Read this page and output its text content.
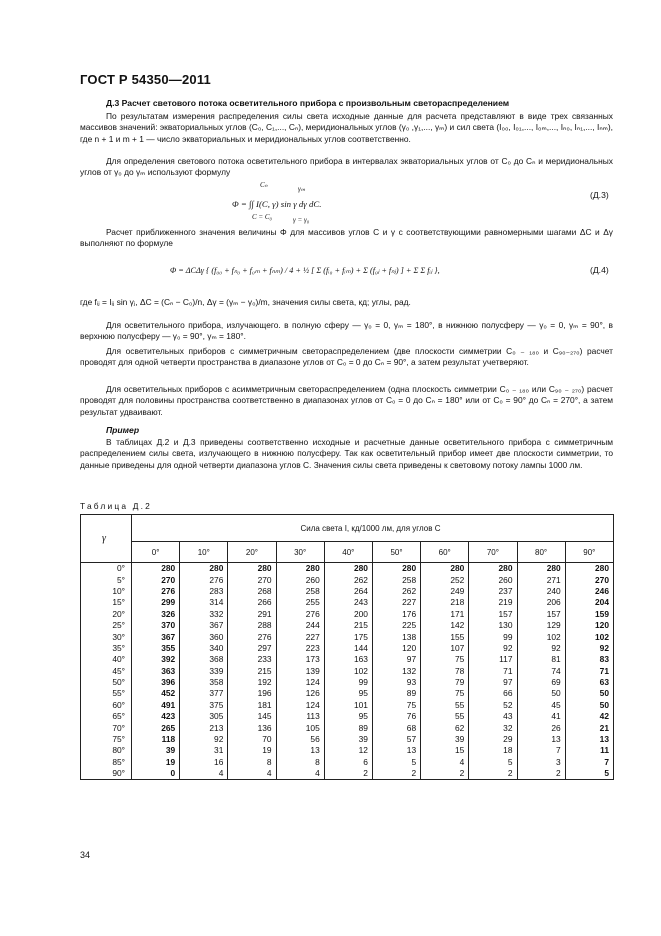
ГОСТ Р 54350—2011
Д.3 Расчет светового потока осветительного прибора с произвольным светораспределением
По результатам измерения распределения силы света исходные данные для расчета представляют в виде трех связанных массивов значений: экваториальных углов (C₀, C₁,..., Cₙ), меридиональных углов (γ₀ ,γ₁,..., γₘ) и сил света (I₀₀, I₀₁,..., I₀ₘ,..., Iₙ₀, Iₙ₁,..., Iₙₘ), где n + 1 и m + 1 — число экваториальных и меридиональных углов соответственно.
Для определения светового потока осветительного прибора в интервалах экваториальных углов от C₀ до Cₙ и меридиональных углов от γ₀ до γₘ используют формулу
Cₙ	γₘ
Φ = ∫∫ I(C, γ) sin γ dγ dC.
C = C₀	γ = γ₀
(Д.3)
Расчет приближенного значения величины Φ для массивов углов C и γ с соответствующими равномерными шагами ΔC и Δγ выполняют по формуле
Φ = ΔCΔγ { (f₀₀ + fₙ₀ + f₀ₘ + fₙₘ) / 4 + ½ [ Σ (fᵢ₀ + fᵢₘ) + Σ (f₀ⱼ + fₙⱼ) ] + Σ Σ fᵢⱼ },	(Д.4)
где fᵢⱼ = Iᵢⱼ sin γⱼ, ΔC = (Cₙ − C₀)/n, Δγ = (γₘ − γ₀)/m, значения силы света, кд; углы, рад.
Для осветительного прибора, излучающего. в полную сферу — γ₀ = 0, γₘ = 180°, в нижнюю полусферу — γ₀ = 0, γₘ = 90°, в верхнюю полусферу — γ₀ = 90°, γₘ = 180°.
Для осветительных приборов с симметричным светораспределением (две плоскости симметрии C₀ ₋ ₁₈₀ и C₉₀₋₂₇₀) расчет проводят для одной четверти пространства в диапазоне углов от C₀ = 0 до Cₙ = 90°, а затем результат учетверяют.
Для осветительных приборов с асимметричным светораспределением (одна плоскость симметрии C₀ ₋ ₁₈₀ или C₉₀ ₋ ₂₇₀) расчет проводят для половины пространства соответственно в диапазонах углов от C₀ = 0 до Cₙ = 180° или от C₀ = 90° до Cₙ = 270°, а затем результат удваивают.
Пример
В таблицах Д.2 и Д.3 приведены соответственно исходные и расчетные данные осветительного прибора с симметричным распределением силы света, излучающего в нижнюю полусферу. Так как осветительный прибор имеет две плоскости симметрии, то данные приведены для одной четверти диапазона углов C. Значения силы света приведены к световому потоку лампы 1000 лм.
Таблица Д.2
γ	Сила света I, кд/1000 лм, для углов C									
	0°	10°	20°	30°	40°	50°	60°	70°	80°	90°
0°	280	280	280	280	280	280	280	280	280	280
5°	270	276	270	260	262	258	252	260	271	270
10°	276	283	268	258	264	262	249	237	240	246
15°	299	314	266	255	243	227	218	219	206	204
20°	326	332	291	276	200	176	171	157	157	159
25°	370	367	288	244	215	225	142	130	129	120
30°	367	360	276	227	175	138	155	99	102	102
35°	355	340	297	223	144	120	107	92	92	92
40°	392	368	233	173	163	97	75	117	81	83
45°	363	339	215	139	102	132	78	71	74	71
50°	396	358	192	124	99	93	79	97	69	63
55°	452	377	196	126	95	89	75	66	50	50
60°	491	375	181	124	101	75	55	52	45	50
65°	423	305	145	113	95	76	55	43	41	42
70°	265	213	136	105	89	68	62	32	26	21
75°	118	92	70	56	39	57	39	29	13	13
80°	39	31	19	13	12	13	15	18	7	11
85°	19	16	8	8	6	5	4	5	3	7
90°	0	4	4	4	2	2	2	2	2	5
34
